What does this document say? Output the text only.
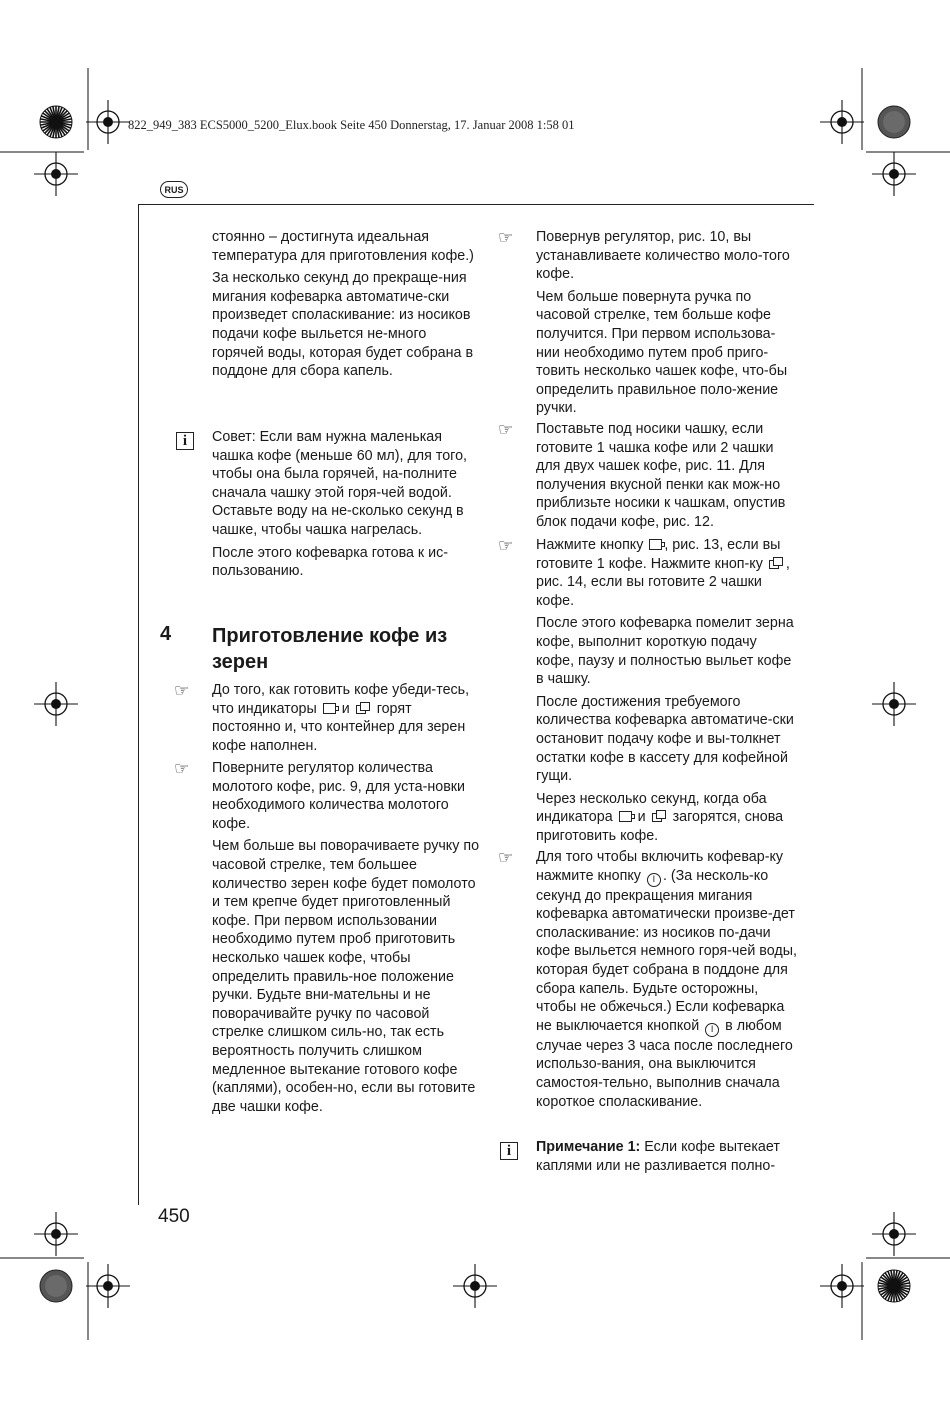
822_949_383 ECS5000_5200_Elux.book Seite 450 Donnerstag, 17. Januar 2008 1:58 01
RUS

стоянно – достигнута идеальная температура для приготовления кофе.)

За несколько секунд до прекраще-ния мигания кофеварка автоматиче-ски произведет споласкивание: из носиков подачи кофе выльется не-много горячей воды, которая будет собрана в поддоне для сбора капель.

i	Совет: Если вам нужна маленькая чашка кофе (меньше 60 мл), для того, чтобы она была горячей, на-полните сначала чашку этой горя-чей водой. Оставьте воду на не-сколько секунд в чашке, чтобы чашка нагрелась.

После этого кофеварка готова к ис-пользованию.

4 Приготовление кофе из зерен
☞ До того, как готовить кофе убеди-тесь, что индикаторы и горят постоянно и, что контейнер для зерен кофе наполнен.

☞ Поверните регулятор количества молотого кофе, рис. 9, для уста-новки необходимого количества молотого кофе.

Чем больше вы поворачиваете ручку по часовой стрелке, тем большее количество зерен кофе будет помолото и тем крепче будет приготовленный кофе. При первом использовании необходимо путем проб приготовить несколько чашек кофе, чтобы определить правиль-ное положение ручки. Будьте вни-мательны и не поворачивайте ручку по часовой стрелке слишком силь-но, так есть вероятность получить слишком медленное вытекание готового кофе (каплями), особен-но, если вы готовите две чашки кофе.

☞ Повернув регулятор, рис. 10, вы устанавливаете количество моло-того кофе.

Чем больше повернута ручка по часовой стрелке, тем больше кофе получится. При первом использова-нии необходимо путем проб приго-товить несколько чашек кофе, что-бы определить правильное поло-жение ручки.

☞ Поставьте под носики чашку, если готовите 1 чашка кофе или 2 чашки для двух чашек кофе, рис. 11. Для получения вкусной пенки как мож-но приблизьте носики к чашкам, опустив блок подачи кофе, рис. 12.

☞ Нажмите кнопку , рис. 13, если вы готовите 1 кофе. Нажмите кноп-ку , рис. 14, если вы готовите 2 чашки кофе.

После этого кофеварка помелит зерна кофе, выполнит короткую подачу кофе, паузу и полностью выльет кофе в чашку.

После достижения требуемого количества кофеварка автоматиче-ски остановит подачу кофе и вы-толкнет остатки кофе в кассету для кофейной гущи.

Через несколько секунд, когда оба индикатора и загорятся, снова приготовить кофе.

☞ Для того чтобы включить кофевар-ку нажмите кнопку I . (За несколь-ко секунд до прекращения мигания кофеварка автоматически произве-дет споласкивание: из носиков по-дачи кофе выльется немного горя-чей воды, которая будет собрана в поддоне для сбора капель. Будьте осторожны, чтобы не обжечься.) Если кофеварка не выключается кнопкой I в любом случае через 3 часа после последнего использо-вания, она выключится самостоя-тельно, выполнив сначала короткое споласкивание.

i	Примечание 1: Если кофе вытекает каплями или не разливается полно-

450
